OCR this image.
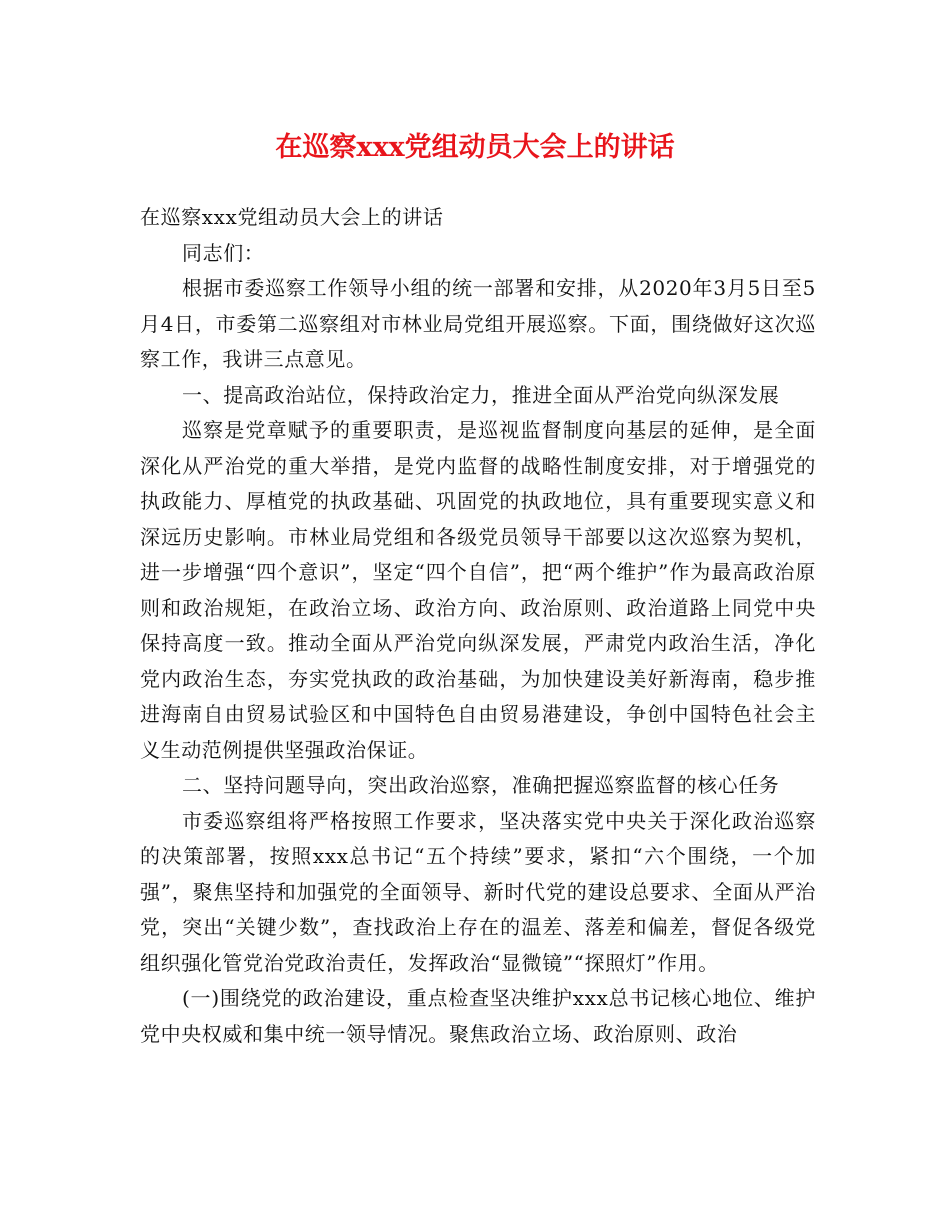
在巡察xxx党组动员大会上的讲话

在巡察xxx党组动员大会上的讲话

同志们：

根据市委巡察工作领导小组的统一部署和安排，从2020年3月5日至5月4日，市委第二巡察组对市林业局党组开展巡察。下面，围绕做好这次巡察工作，我讲三点意见。

一、提高政治站位，保持政治定力，推进全面从严治党向纵深发展

巡察是党章赋予的重要职责，是巡视监督制度向基层的延伸，是全面深化从严治党的重大举措，是党内监督的战略性制度安排，对于增强党的执政能力、厚植党的执政基础、巩固党的执政地位，具有重要现实意义和深远历史影响。市林业局党组和各级党员领导干部要以这次巡察为契机，进一步增强“四个意识”，坚定“四个自信”，把“两个维护”作为最高政治原则和政治规矩，在政治立场、政治方向、政治原则、政治道路上同党中央保持高度一致。推动全面从严治党向纵深发展，严肃党内政治生活，净化党内政治生态，夯实党执政的政治基础，为加快建设美好新海南，稳步推进海南自由贸易试验区和中国特色自由贸易港建设，争创中国特色社会主义生动范例提供坚强政治保证。

二、坚持问题导向，突出政治巡察，准确把握巡察监督的核心任务

市委巡察组将严格按照工作要求，坚决落实党中央关于深化政治巡察的决策部署，按照xxx总书记“五个持续”要求，紧扣“六个围绕，一个加强”，聚焦坚持和加强党的全面领导、新时代党的建设总要求、全面从严治党，突出“关键少数”，查找政治上存在的温差、落差和偏差，督促各级党组织强化管党治党政治责任，发挥政治“显微镜”“探照灯”作用。

(一)围绕党的政治建设，重点检查坚决维护xxx总书记核心地位、维护党中央权威和集中统一领导情况。聚焦政治立场、政治原则、政治
